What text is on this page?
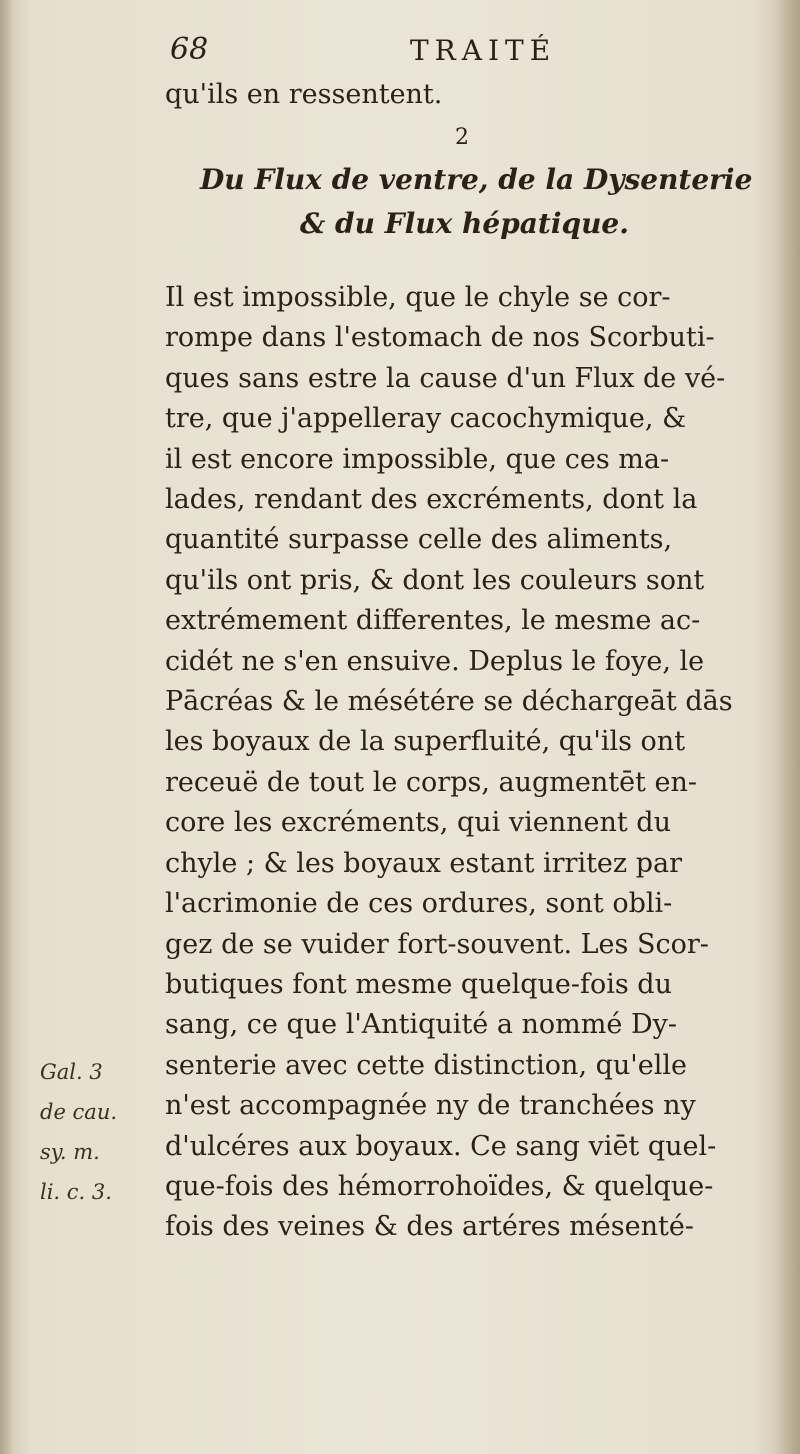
68	TRAITÉ
qu'ils en ressentent.
2
Du Flux de ventre, de la Dysenterie
& du Flux hépatique.
Il est impossible, que le chyle se cor-
rompe dans l'estomach de nos Scorbuti-
ques sans estre la cause d'un Flux de vé-
tre, que j'appelleray cacochymique, &
il est encore impossible, que ces ma-
lades, rendant des excréments, dont la
quantité surpasse celle des aliments,
qu'ils ont pris, & dont les couleurs sont
extrémement differentes, le mesme ac-
cidét ne s'en ensuive. Deplus le foye, le
Pācréas & le mésétére se déchargeāt dās
les boyaux de la superfluité, qu'ils ont
receuë de tout le corps, augmentēt en-
core les excréments, qui viennent du
chyle ; & les boyaux estant irritez par
l'acrimonie de ces ordures, sont obli-
gez de se vuider fort-souvent. Les Scor-
butiques font mesme quelque-fois du
sang, ce que l'Antiquité a nommé Dy-
senterie avec cette distinction, qu'elle
n'est accompagnée ny de tranchées ny
d'ulcéres aux boyaux. Ce sang viēt quel-
que-fois des hémorrohoïdes, & quelque-
fois des veines & des artéres mésenté-
Gal. 3
de cau.
sy. m.
li. c. 3.
